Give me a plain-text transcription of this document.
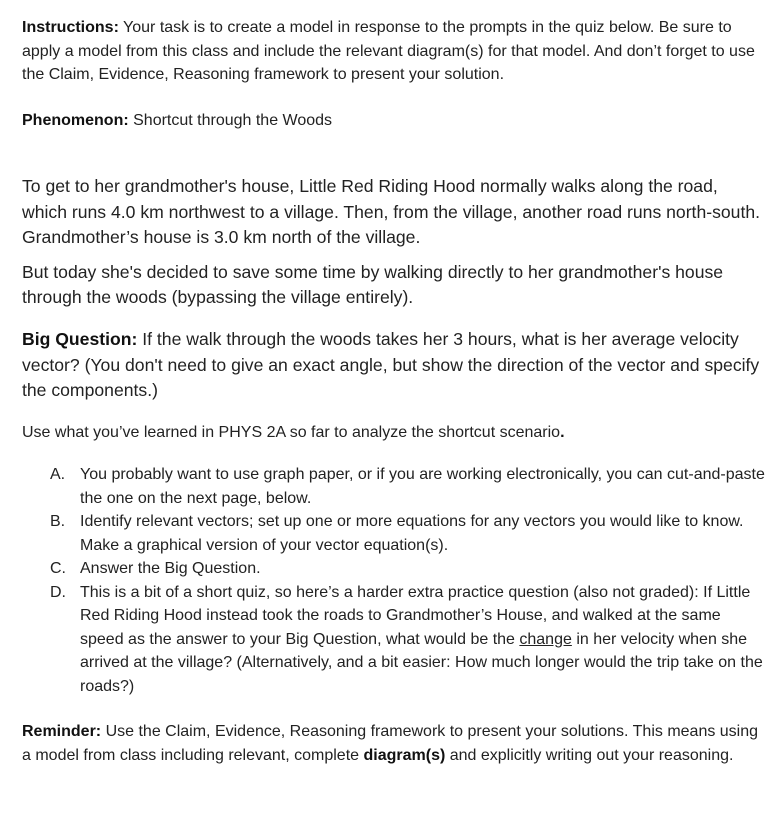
Instructions: Your task is to create a model in response to the prompts in the quiz below. Be sure to apply a model from this class and include the relevant diagram(s) for that model. And don’t forget to use the Claim, Evidence, Reasoning framework to present your solution.

Phenomenon: Shortcut through the Woods

To get to her grandmother's house, Little Red Riding Hood normally walks along the road, which runs 4.0 km northwest to a village. Then, from the village, another road runs north-south. Grandmother’s house is 3.0 km north of the village.

But today she's decided to save some time by walking directly to her grandmother's house through the woods (bypassing the village entirely).

Big Question: If the walk through the woods takes her 3 hours, what is her average velocity vector? (You don't need to give an exact angle, but show the direction of the vector and specify the components.)

Use what you’ve learned in PHYS 2A so far to analyze the shortcut scenario.

A. You probably want to use graph paper, or if you are working electronically, you can cut-and-paste the one on the next page, below.
B. Identify relevant vectors; set up one or more equations for any vectors you would like to know. Make a graphical version of your vector equation(s).
C. Answer the Big Question.
D. This is a bit of a short quiz, so here’s a harder extra practice question (also not graded): If Little Red Riding Hood instead took the roads to Grandmother’s House, and walked at the same speed as the answer to your Big Question, what would be the change in her velocity when she arrived at the village? (Alternatively, and a bit easier: How much longer would the trip take on the roads?)

Reminder: Use the Claim, Evidence, Reasoning framework to present your solutions. This means using a model from class including relevant, complete diagram(s) and explicitly writing out your reasoning.
